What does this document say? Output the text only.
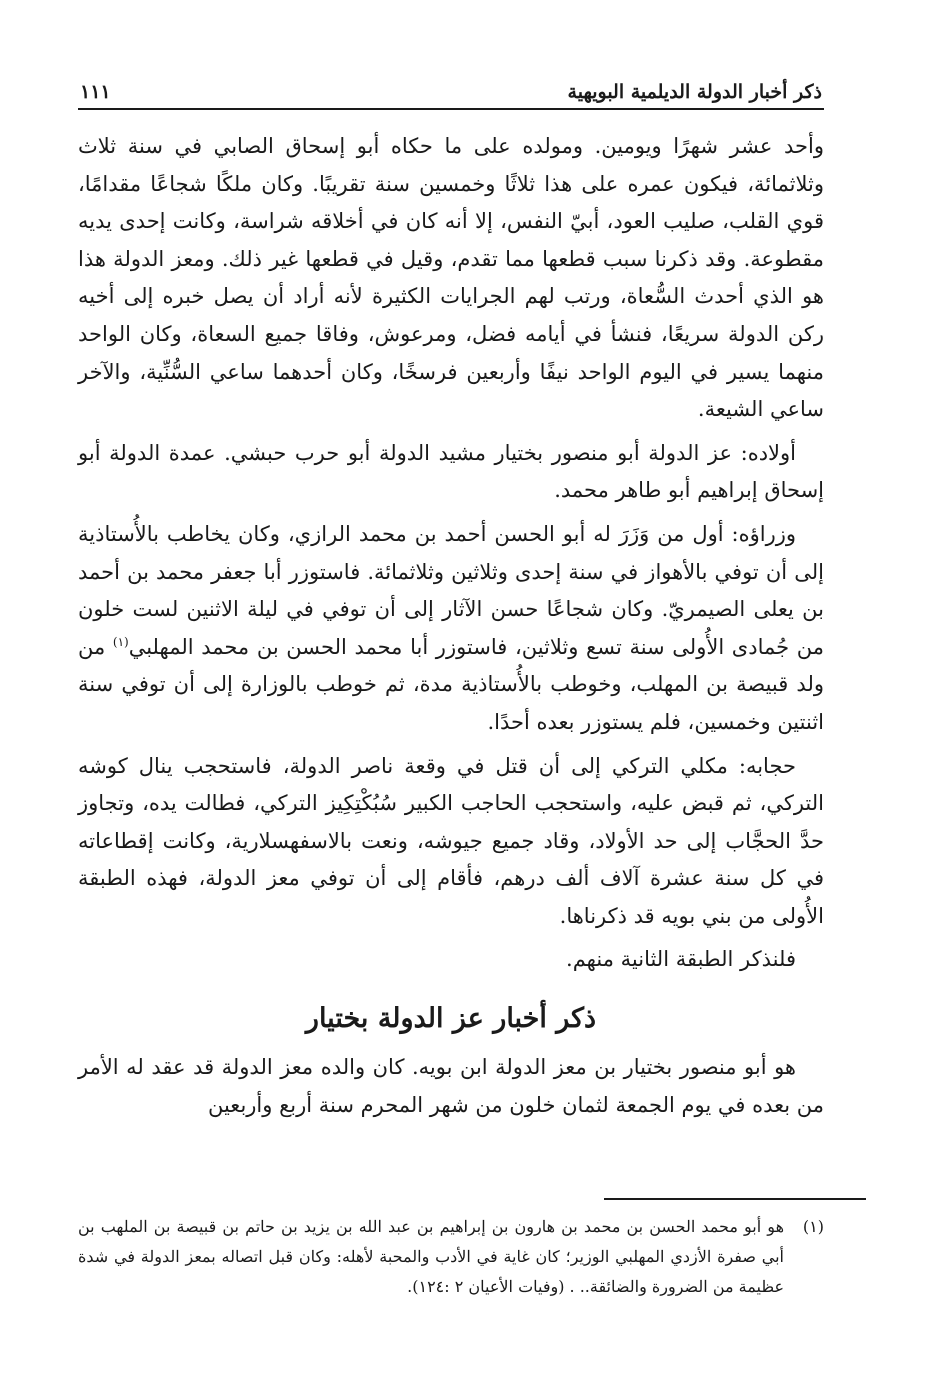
ذكر أخبار الدولة الديلمية البويهية
١١١

وأحد عشر شهرًا ويومين. ومولده على ما حكاه أبو إسحاق الصابي في سنة ثلاث وثلاثمائة، فيكون عمره على هذا ثلاثًا وخمسين سنة تقريبًا. وكان ملكًا شجاعًا مقدامًا، قوي القلب، صليب العود، أبيّ النفس، إلا أنه كان في أخلاقه شراسة، وكانت إحدى يديه مقطوعة. وقد ذكرنا سبب قطعها مما تقدم، وقيل في قطعها غير ذلك. ومعز الدولة هذا هو الذي أحدث السُّعاة، ورتب لهم الجرايات الكثيرة لأنه أراد أن يصل خبره إلى أخيه ركن الدولة سريعًا، فنشأ في أيامه فضل، ومرعوش، وفاقا جميع السعاة، وكان الواحد منهما يسير في اليوم الواحد نيفًا وأربعين فرسخًا، وكان أحدهما ساعي السُّنِّية، والآخر ساعي الشيعة.

أولاده: عز الدولة أبو منصور بختيار مشيد الدولة أبو حرب حبشي. عمدة الدولة أبو إسحاق إبراهيم أبو طاهر محمد.

وزراؤه: أول من وَزَرَ له أبو الحسن أحمد بن محمد الرازي، وكان يخاطب بالأُستاذية إلى أن توفي بالأهواز في سنة إحدى وثلاثين وثلاثمائة. فاستوزر أبا جعفر محمد بن أحمد بن يعلى الصيمريّ. وكان شجاعًا حسن الآثار إلى أن توفي في ليلة الاثنين لست خلون من جُمادى الأُولى سنة تسع وثلاثين، فاستوزر أبا محمد الحسن بن محمد المهلبي$^{(١)}$ من ولد قبيصة بن المهلب، وخوطب بالأُستاذية مدة، ثم خوطب بالوزارة إلى أن توفي سنة اثنتين وخمسين، فلم يستوزر بعده أحدًا.

حجابه: مكلي التركي إلى أن قتل في وقعة ناصر الدولة، فاستحجب ينال كوشه التركي، ثم قبض عليه، واستحجب الحاجب الكبير سُبُكْتِكِيز التركي، فطالت يده، وتجاوز حدَّ الحجَّاب إلى حد الأولاد، وقاد جميع جيوشه، ونعت بالاسفهسلارية، وكانت إقطاعاته في كل سنة عشرة آلاف ألف درهم، فأقام إلى أن توفي معز الدولة، فهذه الطبقة الأُولى من بني بويه قد ذكرناها.

فلنذكر الطبقة الثانية منهم.

ذكر أخبار عز الدولة بختيار

هو أبو منصور بختيار بن معز الدولة ابن بويه. كان والده معز الدولة قد عقد له الأمر من بعده في يوم الجمعة لثمان خلون من شهر المحرم سنة أربع وأربعين

(١)
هو أبو محمد الحسن بن محمد بن هارون بن إبراهيم بن عبد الله بن يزيد بن حاتم بن قبيصة بن الملهب بن أبي صفرة الأزدي المهلبي الوزير؛ كان غاية في الأدب والمحبة لأهله: وكان قبل اتصاله بمعز الدولة في شدة عظيمة من الضرورة والضائقة.. . (وفيات الأعيان ٢ :١٢٤).
